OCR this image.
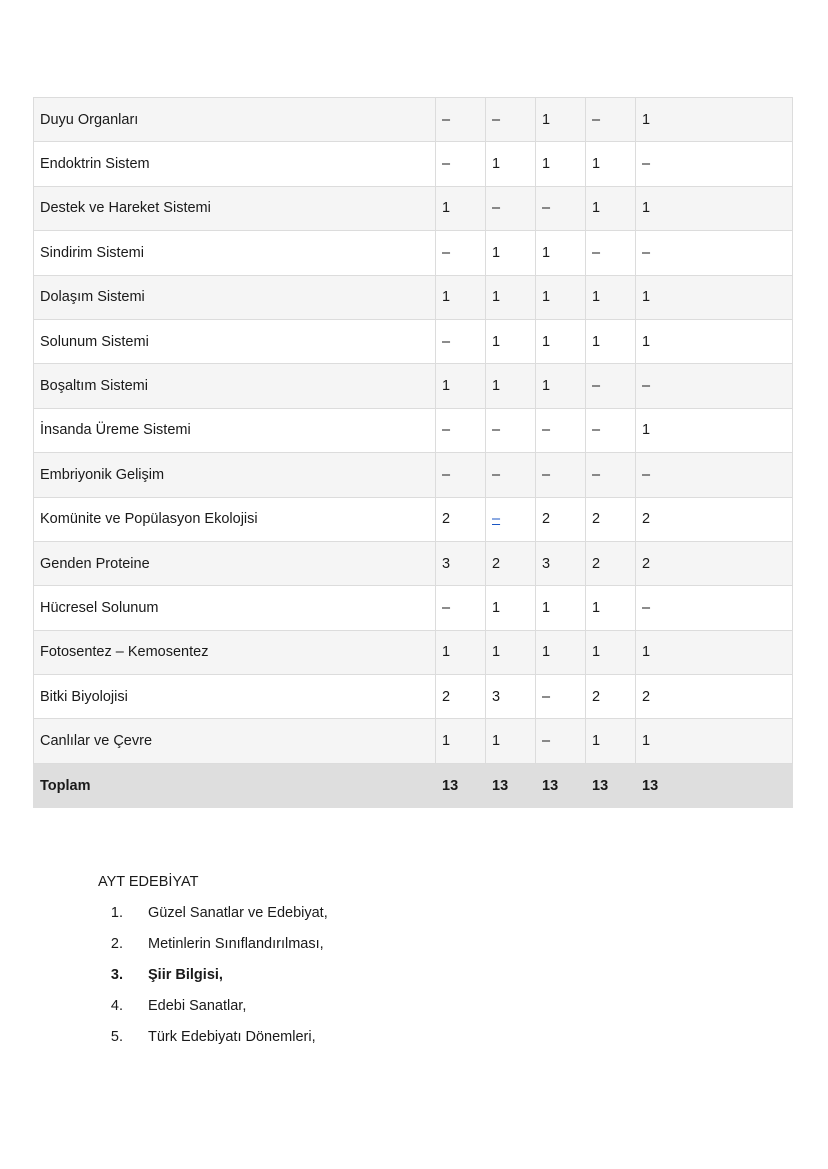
Duyu Organları	–	–	1	–	1
Endoktrin Sistem	–	1	1	1	–
Destek ve Hareket Sistemi	1	–	–	1	1
Sindirim Sistemi	–	1	1	–	–
Dolaşım Sistemi	1	1	1	1	1
Solunum Sistemi	–	1	1	1	1
Boşaltım Sistemi	1	1	1	–	–
İnsanda Üreme Sistemi	–	–	–	–	1
Embriyonik Gelişim	–	–	–	–	–
Komünite ve Popülasyon Ekolojisi	2	–	2	2	2
Genden Proteine	3	2	3	2	2
Hücresel Solunum	–	1	1	1	–
Fotosentez – Kemosentez	1	1	1	1	1
Bitki Biyolojisi	2	3	–	2	2
Canlılar ve Çevre	1	1	–	1	1
Toplam	13	13	13	13	13
AYT EDEBİYAT
1. Güzel Sanatlar ve Edebiyat,
2. Metinlerin Sınıflandırılması,
3. Şiir Bilgisi,
4. Edebi Sanatlar,
5. Türk Edebiyatı Dönemleri,
